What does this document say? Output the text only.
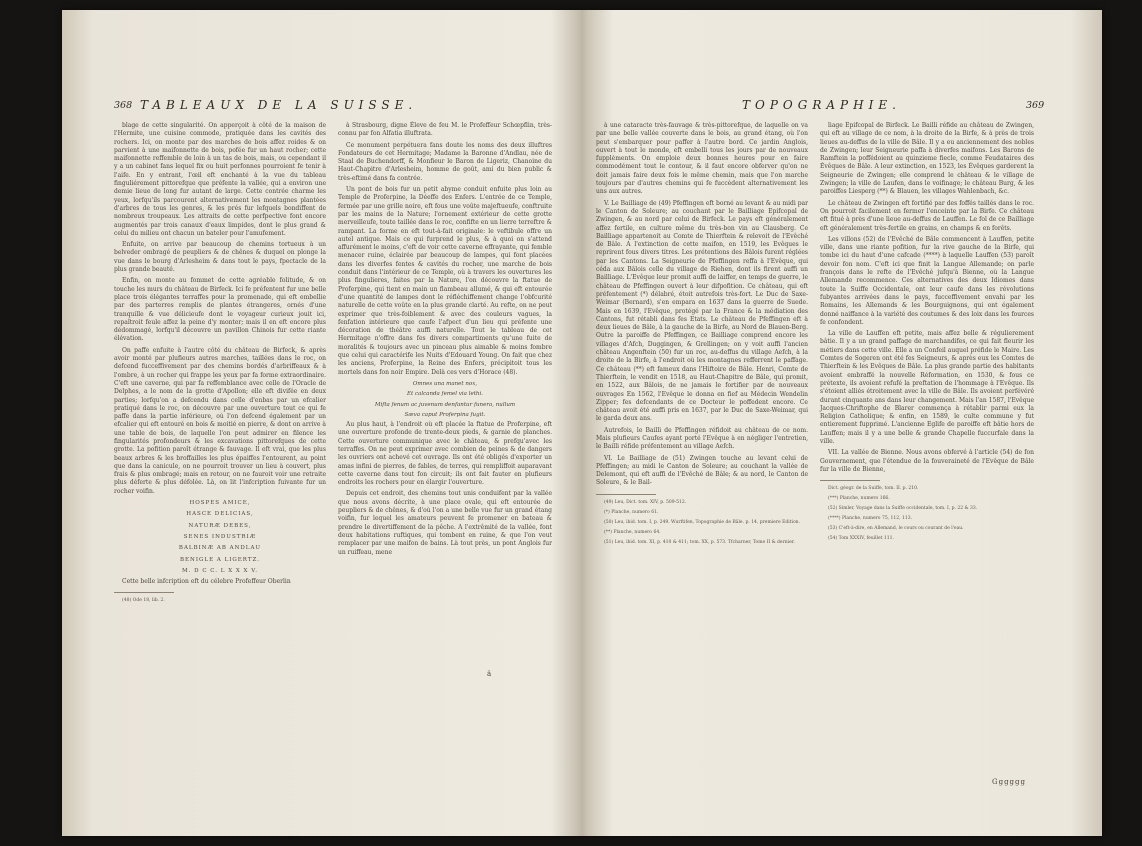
368 TABLEAUX DE LA SUISSE.

blage de cette singularité. On apperçoit à côté de la maison de l'Hermite, une cuisine commode, pratiquée dans les cavités des rochers. Ici, on monte par des marches de bois affez roides & on parvient à une maifonnette de bois, pofée fur un haut rocher; cette maifonnette reffemble de loin à un tas de bois, mais, ou cependant il y a un cabinet fans lequel fix ou huit perfonnes pourroient fe tenir à l'aife. En y entrant, l'œil eft enchanté à la vue du tableau finguliérement pittorefque que préfente la vallée, qui a environ une demie lieue de long fur autant de large. Cette contrée charme les yeux, lorfqu'ils parcourent alternativement les montagnes plantées d'arbres de tous les genres, & les prés fur lefquels bondiffent de nombreux troupeaux. Les attraits de cette perfpective font encore augmentés par trois canaux d'eaux limpides, dont le plus grand & celui du milieu ont chacun un bateler pour l'amufement.

Enfuite, on arrive par beaucoup de chemins tortueux à un belveder ombragé de peupliers & de chênes & duquel on plonge la vue dans le bourg d'Arlesheim & dans tout le pays, fpectacle de la plus grande beauté.

Enfin, on monte au fommet de cette agréable folitude, & on touche les murs du château de Birfeck. Ici fe préfentent fur une belle place trois élégantes terraffes pour la promenade, qui eft embellie par des parterres remplis de plantes étrangeres, ornés d'une tranquille & vue délicieufe dont le voyageur curieux jouit ici, repaîtroit feule affez la peine d'y monter; mais il en eft encore plus dédommagé, lorfqu'il découvre un pavillon Chinois fur cette riante élévation.

On paffe enfuite à l'autre côté du château de Birfeck, & après avoir monté par plufieurs autres marches, taillées dans le roc, on defcend fucceffivement par des chemins bordés d'arbriffeaux & à l'ombre, à un rocher qui frappe les yeux par fa forme extraordinaire. C'eft une caverne, qui par fa reffemblance avec celle de l'Oracle de Delphes, a le nom de la grotte d'Apollon; elle eft divifée en deux parties; lorfqu'on a defcendu dans celle d'enbas par un efcalier pratiqué dans le roc, on découvre par une ouverture tout ce qui fe paffe dans la partie inférieure, où l'on defcend également par un efcalier qui eft entouré en bois & moitié en pierre, & dont on arrive à une table de bois, de laquelle l'on peut admirer en filence les fingularités profondeurs & les excavations pittorefques de cette grotte. La pofition paroît étrange & fauvage. Il eft vrai, que les plus beaux arbres & les broffailles les plus épaiffes l'entourent, au point que dans la canicule, on ne pourroit trouver un lieu à couvert, plus frais & plus ombragé; mais en retour, on ne fauroit voir une retraite plus déferte & plus défolée. Là, on lit l'infcription fuivante fur un rocher voifin.

HOSPES AMICE,
HASCE DELICIAS,
NATURÆ DEBES,
SENES INDUSTRIÆ
BALBINÆ AB ANDLAU
BENIGLE A LIGERTZ.
M. D C C. L X X X V.

Cette belle infcription eft du célebre Profeffeur Oberlin

(48) Ode 18, lib. 2.

à Strasbourg, digne Éleve de feu M. le Profeffeur Schœpflin, très-connu par fon Alfatia illuftrata.

Ce monument perpétuera fans doute les noms des deux illuftres Fondateurs de cet Hermitage; Madame la Baronne d'Andlau, née de Staal de Buchendorff, & Monfieur le Baron de Ligeriz, Chanoine du Haut-Chapitre d'Arlesheim, homme de goût, ami du bien public & très-eftimé dans fa contrée.

Un pont de bois fur un petit abyme conduit enfuite plus loin au Temple de Proferpine, la Déeffe des Enfers. L'entrée de ce Temple, fermée par une grille noire, eft fous une voûte majeftueufe, conftruite par les mains de la Nature; l'ornement extérieur de cette grotte merveilleufe, toute taillée dans le roc, confifte en un lierre terreftre & rampant. La forme en eft tout-à-fait originale: le veftibule offre un autel antique. Mais ce qui furprend le plus, & à quoi on s'attend affurément le moins, c'eft de voir cette caverne effrayante, qui femble menacer ruine, éclairée par beaucoup de lampes, qui font placées dans les diverfes fentes & cavités du rocher, une marche de bois conduit dans l'intérieur de ce Temple, où à travers les ouvertures les plus fingulieres, faites par la Nature, l'on découvre la ftatue de Proferpine, qui tient en main un flambeau allumé, & qui eft entourée d'une quantité de lampes dont le réfléchiffement change l'obfcurité naturelle de cette voûte en la plus grande clarté. Au refte, on ne peut exprimer que très-foiblement & avec des couleurs vagues, la fenfation intérieure que caufe l'afpect d'un lieu qui préfente une décoration de théâtre auffi naturelle. Tout le tableau de cet Hermitage n'offre dans fes divers compartiments qu'une fuite de moralités & toujours avec un pinceau plus aimable & moins fombre que celui qui caractérife les Nuits d'Edouard Young. On fait que chez les anciens, Proferpine, la Reine des Enfers, précipitoit tous les mortels dans fon noir Empire. Delà ces vers d'Horace (48).

Omnes una manet nox,
Et calcanda femel via lethi.
Mifta fenum ac juvenum denfantur funera, nullum
Sæva caput Proferpina fugit.

Au plus haut, à l'endroit où eft placée la ftatue de Proferpine, eft une ouverture profonde de trente-deux pieds, & garnie de planches. Cette ouverture communique avec le château, & prefqu'avec les terraffes. On ne peut exprimer avec combien de peines & de dangers les ouvriers ont achevé cet ouvrage. Ils ont été obligés d'exporter un amas infini de pierres, de fables, de terres, qui rempliffoit auparavant cette caverne dans tout fon circuit; ils ont fait fauter en plufieurs endroits les rochers pour en élargir l'ouverture.

Depuis cet endroit, des chemins tout unis conduifent par la vallée que nous avons décrite, à une place ovale, qui eft entourée de peupliers & de chênes, & d'où l'on a une belle vue fur un grand étang voifin, fur lequel les amateurs peuvent fe promener en bateau & prendre le divertiffement de la pêche. A l'extrêmité de la vallée, font deux habitations ruftiques, qui tombent en ruine, & que l'on veut remplacer par une maifon de bains. Là tout près, un pont Anglois fur un ruiffeau, mene

ä
TOPOGRAPHIE.	369

à une cataracte très-fauvage & très-pittorefque, de laquelle on va par une belle vallée couverte dans le bois, au grand étang, où l'on peut s'embarquer pour paffer à l'autre bord. Ce jardin Anglois, ouvert à tout le monde, eft embelli tous les jours par de nouveaux fuppléments. On emploie deux bonnes heures pour en faire commodément tout le contour, & il faut encore obferver qu'on ne doit jamais faire deux fois le même chemin, mais que l'on marche toujours par d'autres chemins qui fe fuccèdent alternativement les uns aux autres.

V. Le Bailliage de (49) Pfeffingen eft borné au levant & au midi par le Canton de Soleure; au couchant par le Bailliage Epifcopal de Zwingen, & au nord par celui de Birfeck. Le pays eft généralement affez fertile, en culture même du très-bon vin au Clausberg. Ce Bailliage appartenoit au Comte de Thierftein & relevoit de l'Evêché de Bâle. A l'extinction de cette maifon, en 1519, les Evêques le reprirent fous divers titres. Les prétentions des Bâlois furent réglées par les Cantons. La Seigneurie de Pfeffingen reffa à l'Evêque, qui céda aux Bâlois celle du village de Riehen, dont ils firent auffi un Bailliage. L'Evêque leur promit auffi de laiffer, en temps de guerre, le château de Pfeffingen ouvert à leur difpofition. Ce château, qui eft préfentement (*) délabré, étoit autrefois très-fort. Le Duc de Saxe-Weimar (Bernard), s'en empara en 1637 dans la guerre de Suede. Mais en 1639, l'Evêque, protégé par la France & la médiation des Cantons, fut rétabli dans fes Etats. Le château de Pfeffingen eft à deux lieues de Bâle, à la gauche de la Birfe, au Nord de Blauen-Berg. Outre la paroiffe de Pfeffingen, ce Bailliage comprend encore les villages d'Afch, Duggingen, & Grellingen; on y voit auffi l'ancien château Angenftein (50) fur un roc, au-deffus du village Aefch, à la droite de la Birfe, à l'endroit où les montagnes refferrent le paffage. Ce château (**) eft fameux dans l'Hiftoire de Bâle. Henri, Comte de Thierftein, le vendit en 1518, au Haut-Chapitre de Bâle, qui promit, en 1522, aux Bâlois, de ne jamais le fortifier par de nouveaux ouvrages En 1562, l'Evêque le donna en fief au Médecin Wendelin Zipper; fes defcendants de ce Docteur le poffedent encore. Ce château avoit été auffi pris en 1637, par le Duc de Saxe-Weimar, qui le garda deux ans.

Autrefois, le Bailli de Pfeffingen réfidoit au château de ce nom. Mais plufieurs Caufes ayant porté l'Evêque à en négliger l'entretien, le Bailli réfide préfentement au village Aefch.

VI. Le Bailliage de (51) Zwingen touche au levant celui de Pfeffingen; au midi le Canton de Soleure; au couchant la vallée de Delemont, qui eft auffi de l'Evêché de Bâle; & au nord, le Canton de Soleure, & le Bail-

(49) Leu, Dict. tom. XIV, p. 509-512.

(*) Planche, numero 61.

(50) Leu, ibid. tom. I, p. 249. Wurftifen, Topographie de Bâle. p. 14, premiere Edition.

(**) Planche, numero 64.

(51) Leu, ibid. tom. XI, p. 410 & 411; tom. XX, p. 573. Tfcharner, Tome II & dernier.

liage Epifcopal de Birfeck. Le Bailli réfide au château de Zwingen, qui eft au village de ce nom, à la droite de la Birfe, & à près de trois lieues au-deffus de la ville de Bâle. Il y a eu anciennement des nobles de Zwingen; leur Seigneurie paffa à diverfes maifons. Les Barons de Ramftein la poffédoient au quinzieme fiecle, comme Feudataires des Évêques de Bâle. A leur extinction, en 1523, les Évêques garderent la Seigneurie de Zwingen; elle comprend le château & le village de Zwingen; la ville de Laufen, dans le voifinage; le château Burg, & les paroiffes Liesperg (**) & Blauen, les villages Wahlenbach, &c.

Le château de Zwingen eft fortifié par des foffés taillés dans le roc. On pourroit facilement en fermer l'enceinte par la Birfe. Ce château eft fitué à près d'une lieue au-deffus de Lauffen. Le fol de ce Bailliage eft généralement très-fertile en grains, en champs & en forêts.

Les villons (52) de l'Evêché de Bâle commencent à Lauffen, petite ville, dans une riante pofition, fur la rive gauche de la Birfe, qui tombe ici du haut d'une cafcade (****) à laquelle Lauffen (53) paroît devoir fon nom. C'eft ici que finit la Langue Allemande; on parle françois dans le refte de l'Evêché jufqu'à Bienne, où la Langue Allemande recommence. Ces alternatives des deux Idiomes dans toute la Suiffe Occidentale, ont leur caufe dans les révolutions fubyantes arrivées dans le pays, fucceffivement envahi par les Romains, les Allemands & les Bourguignons, qui ont également donné naiffance à la variété des coutumes & des loix dans les fources fe confondent.

La ville de Lauffen eft petite, mais affez belle & régulierement bâtie. Il y a un grand paffage de marchandifes, ce qui fait fleurir les métiers dans cette ville. Elle a un Confeil auquel préfide le Maire. Les Comtes de Sogeren ont été fes Seigneurs, & après eux les Comtes de Thierftein & les Evêques de Bâle. La plus grande partie des habitants avoient embraffé la nouvelle Réformation, en 1530, & fous ce prétexte, ils avoient refufé la preftation de l'hommage à l'Evêque. Ils s'étoient alliés étroitement avec la ville de Bâle. Ils avoient perfévéré durant cinquante ans dans leur changement. Mais l'an 1587, l'Evêque Jacques-Chriftophe de Blarer commença à rétablir parmi eux la Religion Catholique; & enfin, en 1589, le culte commune y fut entierement fupprimé. L'ancienne Eglife de paroiffe eft bâtie hors de Lauffen; mais il y a une belle & grande Chapelle fuccurfale dans la ville.

VII. La vallée de Bienne. Nous avons obfervé à l'article (54) de fon Gouvernement, que l'étendue de la fouveraineté de l'Evêque de Bâle fur la ville de Bienne,

Dict. géogr. de la Suiffe, tom. II. p. 210.

(***) Planche, numero 166.

(52) Simler, Voyage dans la Suiffe occidentale, tom. I, p. 22 & 33.

(****) Planche, numero 75, 112, 113.

(53) C'eft-à-dire, en Allemand, le cours ou courant de l'eau.

(54) Tom XXXIV, feuillet 111.

Gggggg
